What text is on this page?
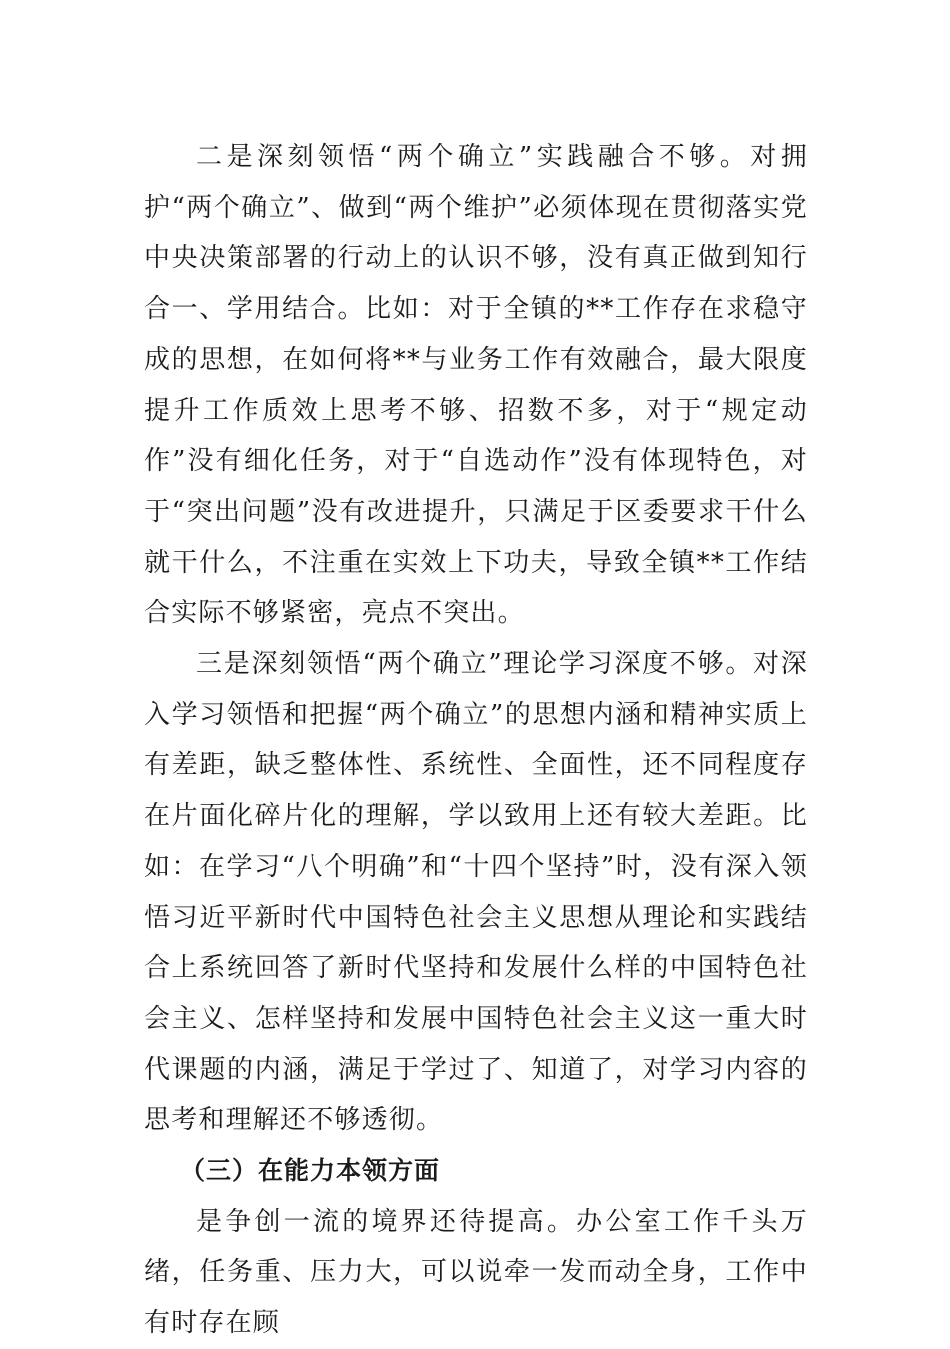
二是深刻领悟“两个确立”实践融合不够。对拥护“两个确立”、做到“两个维护”必须体现在贯彻落实党中央决策部署的行动上的认识不够，没有真正做到知行合一、学用结合。比如：对于全镇的**工作存在求稳守成的思想，在如何将**与业务工作有效融合，最大限度提升工作质效上思考不够、招数不多，对于“规定动作”没有细化任务，对于“自选动作”没有体现特色，对于“突出问题”没有改进提升，只满足于区委要求干什么就干什么，不注重在实效上下功夫，导致全镇**工作结合实际不够紧密，亮点不突出。

三是深刻领悟“两个确立”理论学习深度不够。对深入学习领悟和把握“两个确立”的思想内涵和精神实质上有差距，缺乏整体性、系统性、全面性，还不同程度存在片面化碎片化的理解，学以致用上还有较大差距。比如：在学习“八个明确”和“十四个坚持”时，没有深入领悟习近平新时代中国特色社会主义思想从理论和实践结合上系统回答了新时代坚持和发展什么样的中国特色社会主义、怎样坚持和发展中国特色社会主义这一重大时代课题的内涵，满足于学过了、知道了，对学习内容的思考和理解还不够透彻。

（三）在能力本领方面

是争创一流的境界还待提高。办公室工作千头万绪，任务重、压力大，可以说牵一发而动全身，工作中有时存在顾
